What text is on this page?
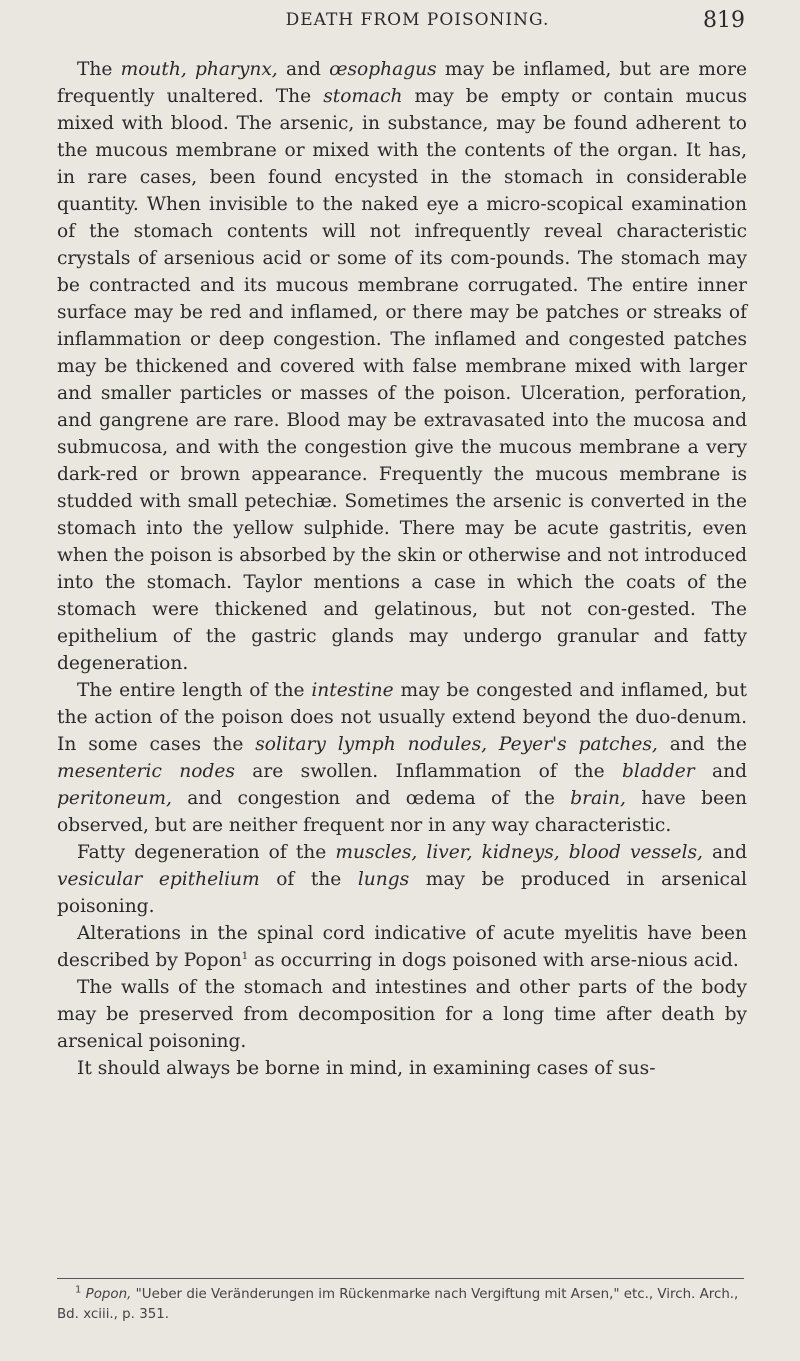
DEATH FROM POISONING.	819

The mouth, pharynx, and œsophagus may be inflamed, but are more frequently unaltered. The stomach may be empty or contain mucus mixed with blood. The arsenic, in substance, may be found adherent to the mucous membrane or mixed with the contents of the organ. It has, in rare cases, been found encysted in the stomach in considerable quantity. When invisible to the naked eye a micro-scopical examination of the stomach contents will not infrequently reveal characteristic crystals of arsenious acid or some of its com-pounds. The stomach may be contracted and its mucous membrane corrugated. The entire inner surface may be red and inflamed, or there may be patches or streaks of inflammation or deep congestion. The inflamed and congested patches may be thickened and covered with false membrane mixed with larger and smaller particles or masses of the poison. Ulceration, perforation, and gangrene are rare. Blood may be extravasated into the mucosa and submucosa, and with the congestion give the mucous membrane a very dark-red or brown appearance. Frequently the mucous membrane is studded with small petechiæ. Sometimes the arsenic is converted in the stomach into the yellow sulphide. There may be acute gastritis, even when the poison is absorbed by the skin or otherwise and not introduced into the stomach. Taylor mentions a case in which the coats of the stomach were thickened and gelatinous, but not con-gested. The epithelium of the gastric glands may undergo granular and fatty degeneration.

The entire length of the intestine may be congested and inflamed, but the action of the poison does not usually extend beyond the duo-denum. In some cases the solitary lymph nodules, Peyer's patches, and the mesenteric nodes are swollen. Inflammation of the bladder and peritoneum, and congestion and œdema of the brain, have been observed, but are neither frequent nor in any way characteristic.

Fatty degeneration of the muscles, liver, kidneys, blood vessels, and vesicular epithelium of the lungs may be produced in arsenical poisoning.

Alterations in the spinal cord indicative of acute myelitis have been described by Popon$^1$ as occurring in dogs poisoned with arse-nious acid.

The walls of the stomach and intestines and other parts of the body may be preserved from decomposition for a long time after death by arsenical poisoning.

It should always be borne in mind, in examining cases of sus-

$^1$ Popon, "Ueber die Veränderungen im Rückenmarke nach Vergiftung mit Arsen," etc., Virch. Arch., Bd. xciii., p. 351.
